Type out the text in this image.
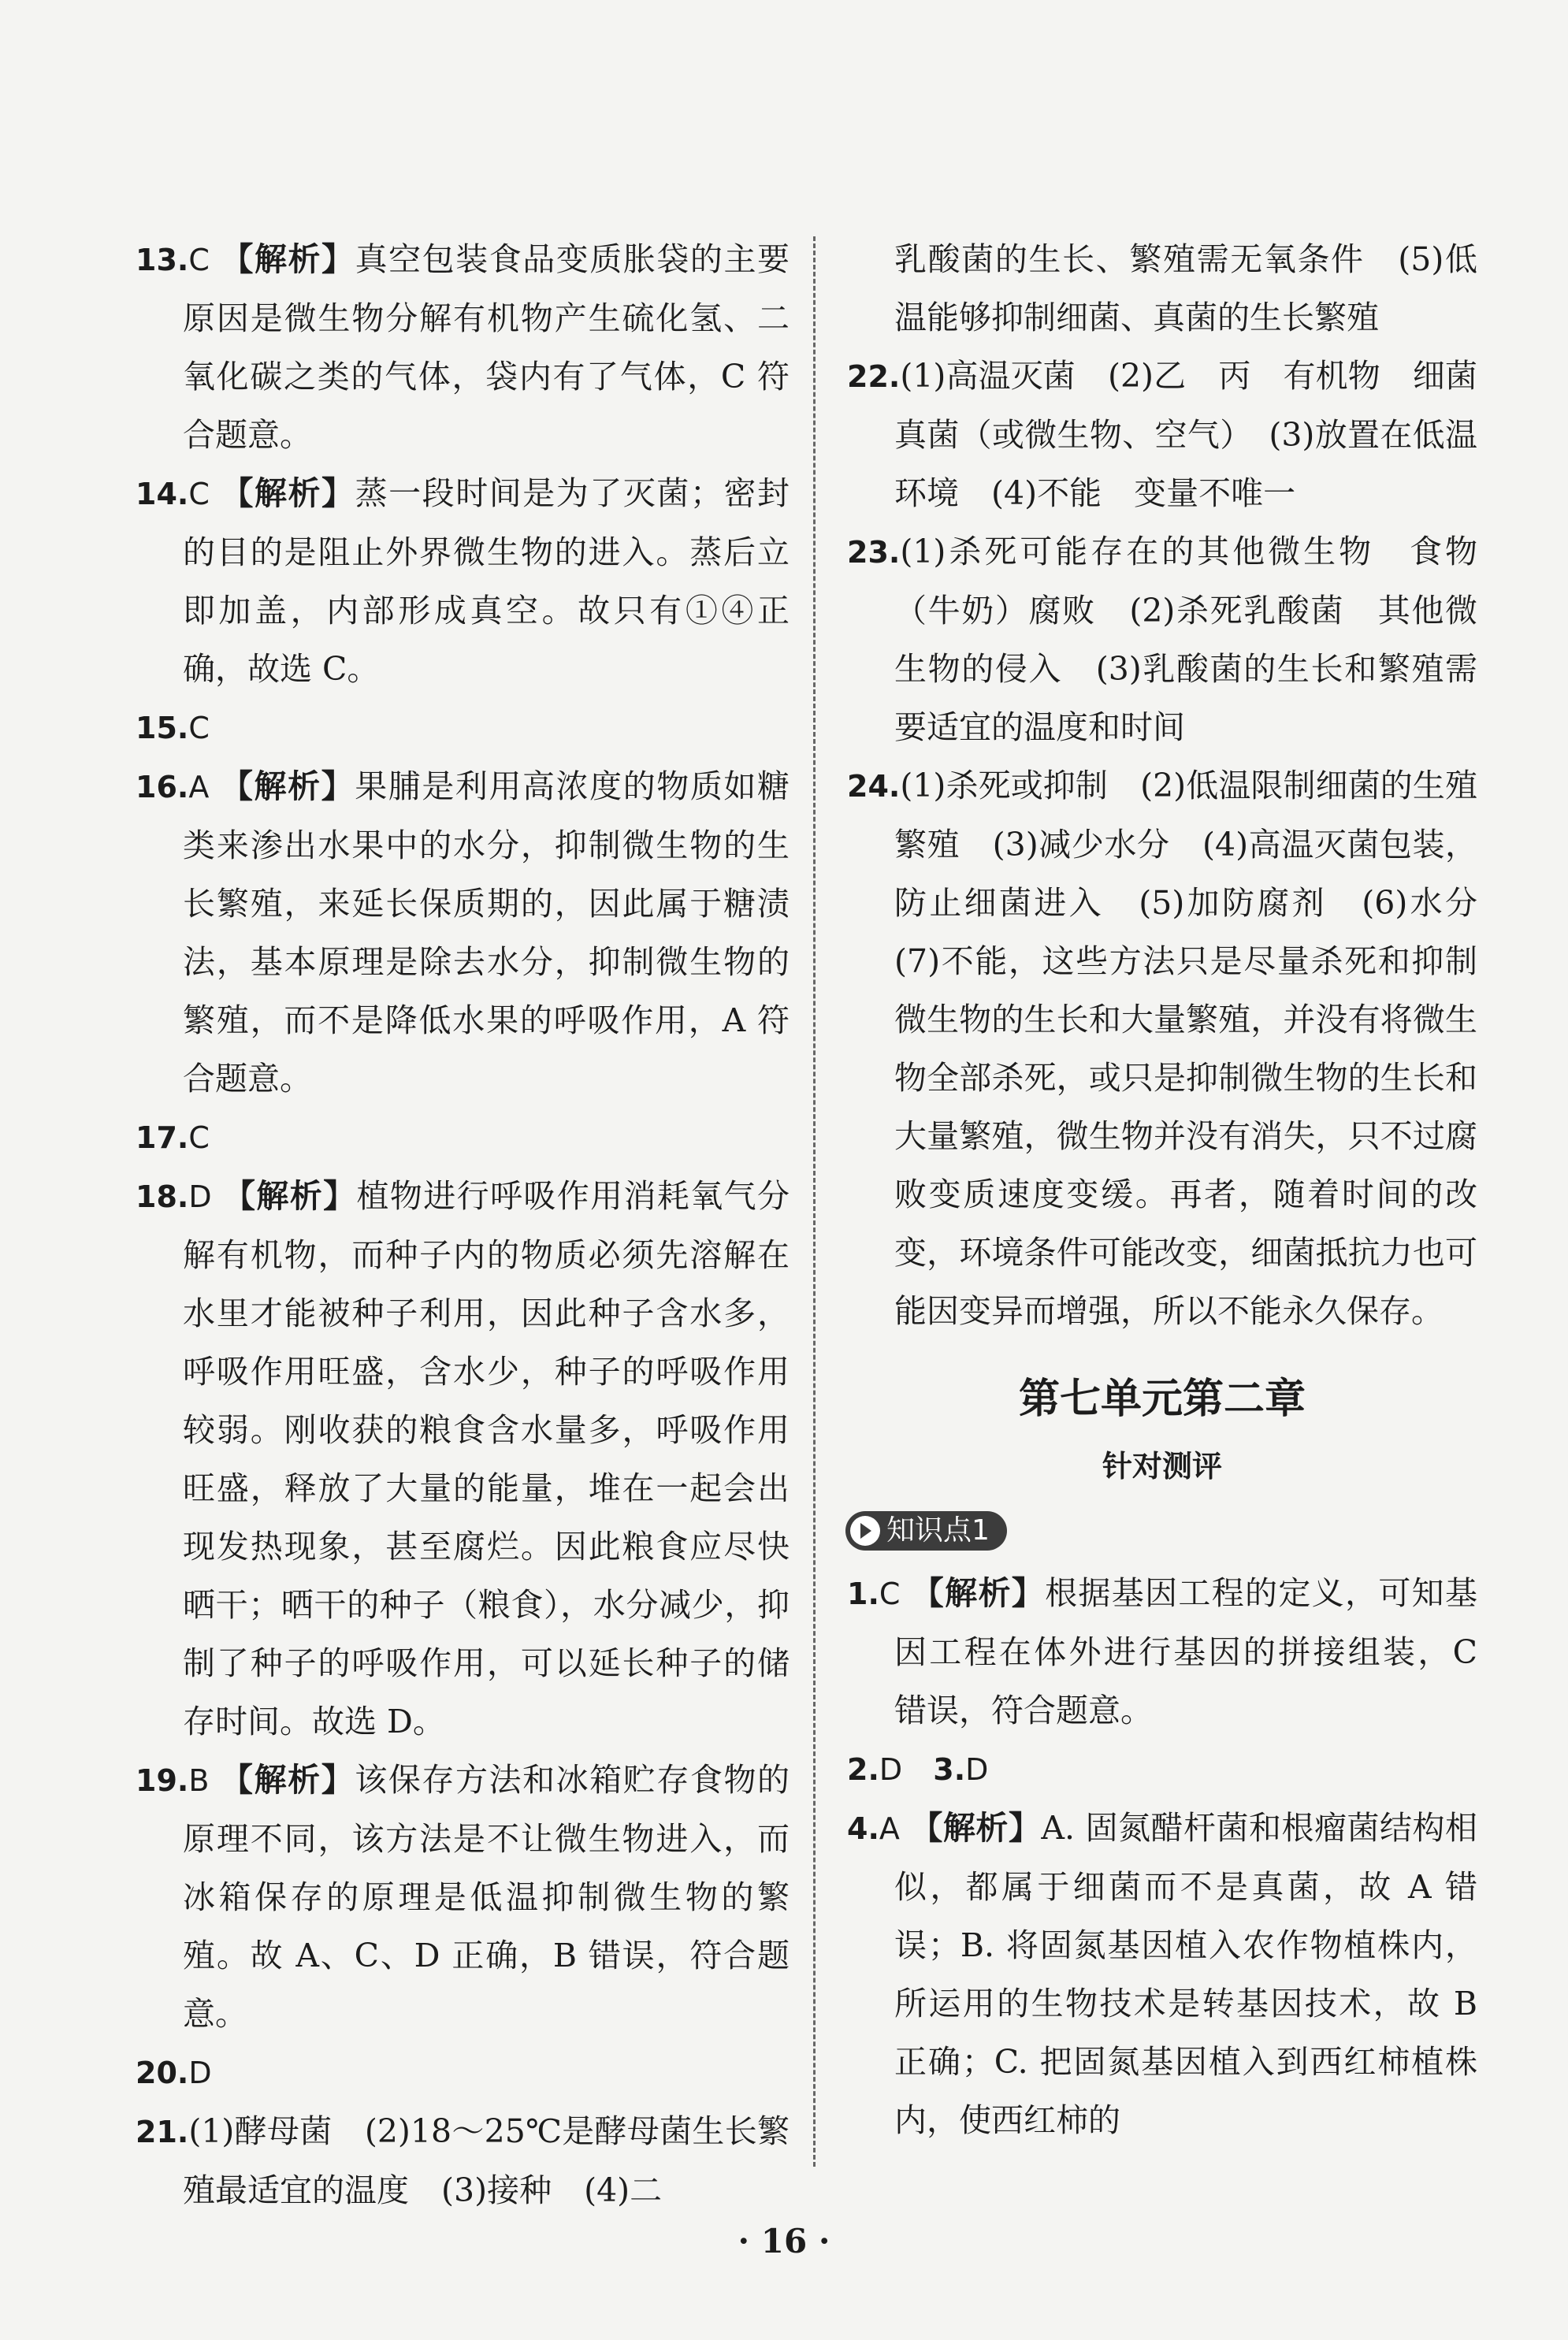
13.C 【解析】真空包装食品变质胀袋的主要原因是微生物分解有机物产生硫化氢、二氧化碳之类的气体，袋内有了气体，C 符合题意。
14.C 【解析】蒸一段时间是为了灭菌；密封的目的是阻止外界微生物的进入。蒸后立即加盖，内部形成真空。故只有①④正确，故选 C。
15.C
16.A 【解析】果脯是利用高浓度的物质如糖类来渗出水果中的水分，抑制微生物的生长繁殖，来延长保质期的，因此属于糖渍法，基本原理是除去水分，抑制微生物的繁殖，而不是降低水果的呼吸作用，A 符合题意。
17.C
18.D 【解析】植物进行呼吸作用消耗氧气分解有机物，而种子内的物质必须先溶解在水里才能被种子利用，因此种子含水多，呼吸作用旺盛，含水少，种子的呼吸作用较弱。刚收获的粮食含水量多，呼吸作用旺盛，释放了大量的能量，堆在一起会出现发热现象，甚至腐烂。因此粮食应尽快晒干；晒干的种子（粮食），水分减少，抑制了种子的呼吸作用，可以延长种子的储存时间。故选 D。
19.B 【解析】该保存方法和冰箱贮存食物的原理不同，该方法是不让微生物进入，而冰箱保存的原理是低温抑制微生物的繁殖。故 A、C、D 正确，B 错误，符合题意。
20.D
21.(1)酵母菌　(2)18～25℃是酵母菌生长繁殖最适宜的温度　(3)接种　(4)二
乳酸菌的生长、繁殖需无氧条件　(5)低温能够抑制细菌、真菌的生长繁殖
22.(1)高温灭菌　(2)乙　丙　有机物　细菌真菌（或微生物、空气）　(3)放置在低温环境　(4)不能　变量不唯一
23.(1)杀死可能存在的其他微生物　食物（牛奶）腐败　(2)杀死乳酸菌　其他微生物的侵入　(3)乳酸菌的生长和繁殖需要适宜的温度和时间
24.(1)杀死或抑制　(2)低温限制细菌的生殖繁殖　(3)减少水分　(4)高温灭菌包装，防止细菌进入　(5)加防腐剂　(6)水分　(7)不能，这些方法只是尽量杀死和抑制微生物的生长和大量繁殖，并没有将微生物全部杀死，或只是抑制微生物的生长和大量繁殖，微生物并没有消失，只不过腐败变质速度变缓。再者，随着时间的改变，环境条件可能改变，细菌抵抗力也可能因变异而增强，所以不能永久保存。
第七单元第二章
针对测评
知识点1
1.C 【解析】根据基因工程的定义，可知基因工程在体外进行基因的拼接组装，C 错误，符合题意。
2.D 3.D
4.A 【解析】A. 固氮醋杆菌和根瘤菌结构相似，都属于细菌而不是真菌，故 A 错误；B. 将固氮基因植入农作物植株内，所运用的生物技术是转基因技术，故 B 正确；C. 把固氮基因植入到西红柿植株内，使西红柿的
· 16 ·
